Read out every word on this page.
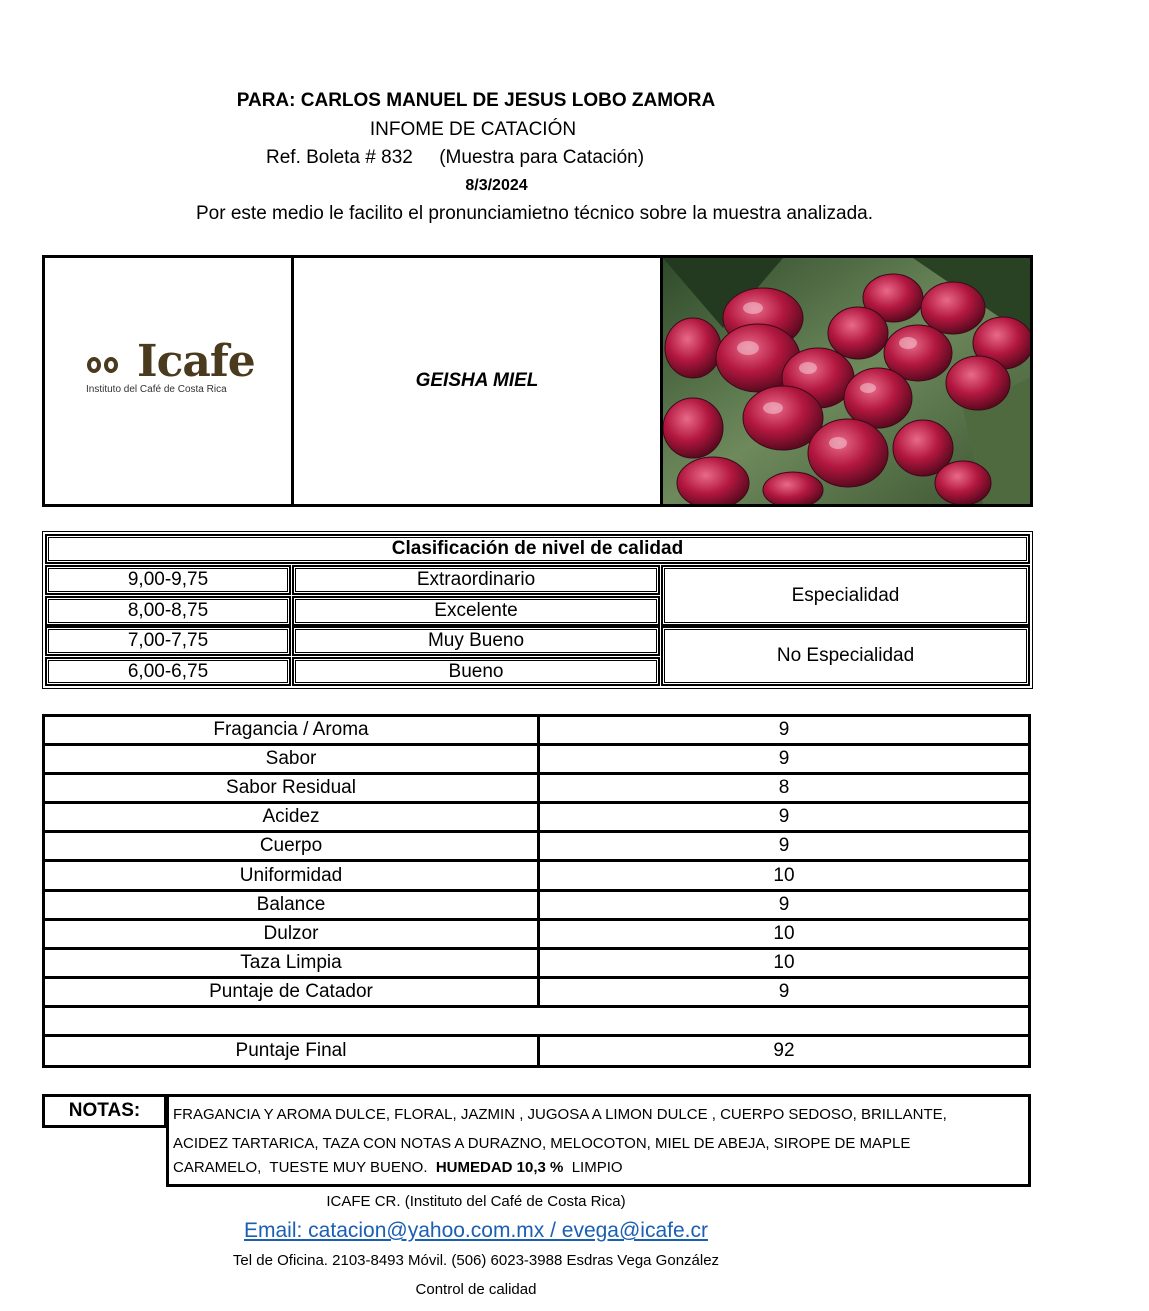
PARA: CARLOS MANUEL DE JESUS LOBO ZAMORA
INFOME DE CATACIÓN
Ref. Boleta # 832     (Muestra para Catación)
8/3/2024
Por este medio le facilito el pronunciamietno técnico sobre la muestra analizada.
Icafe
Instituto del Café de Costa Rica	GEISHA MIEL
Clasificación de nivel de calidad
9,00-9,75	Extraordinario
8,00-8,75	Excelente
Especialidad
7,00-7,75	Muy Bueno
6,00-6,75	Bueno
No Especialidad
Fragancia / Aroma	9
Sabor	9
Sabor Residual	8
Acidez	9
Cuerpo	9
Uniformidad	10
Balance	9
Dulzor	10
Taza Limpia	10
Puntaje de Catador	9
Puntaje Final	92
NOTAS:	FRAGANCIA Y AROMA DULCE, FLORAL, JAZMIN , JUGOSA A LIMON DULCE , CUERPO SEDOSO, BRILLANTE,
ACIDEZ TARTARICA, TAZA CON NOTAS A DURAZNO, MELOCOTON, MIEL DE ABEJA, SIROPE DE MAPLE
CARAMELO,  TUESTE MUY BUENO.  HUMEDAD 10,3 %  LIMPIO
ICAFE CR. (Instituto del Café de Costa Rica)
Email: catacion@yahoo.com.mx / evega@icafe.cr
Tel de Oficina. 2103-8493 Móvil. (506) 6023-3988 Esdras Vega González
Control de calidad
